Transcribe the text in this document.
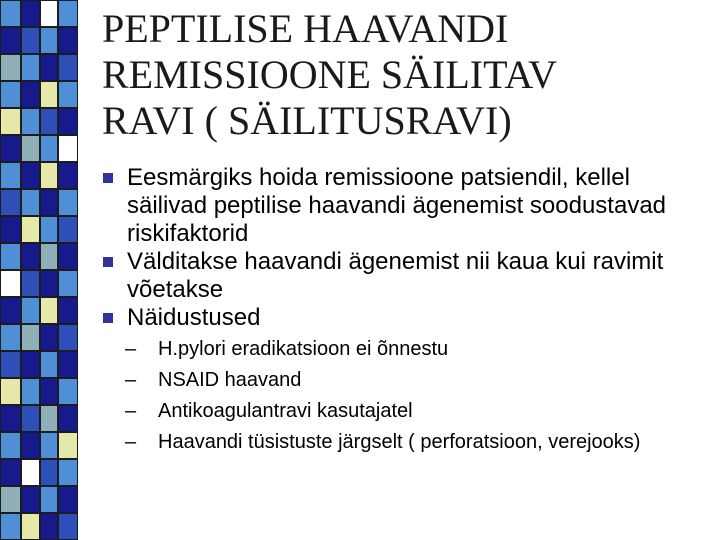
PEPTILISE HAAVANDI
REMISSIOONE SÄILITAV
RAVI ( SÄILITUSRAVI)
Eesmärgiks hoida remissioone patsiendil, kellel säilivad peptilise haavandi ägenemist soodustavad riskifaktorid
Välditakse haavandi ägenemist nii kaua kui ravimit võetakse
Näidustused
– H.pylori eradikatsioon ei õnnestu
– NSAID haavand
– Antikoagulantravi kasutajatel
– Haavandi tüsistuste järgselt ( perforatsioon, verejooks)
